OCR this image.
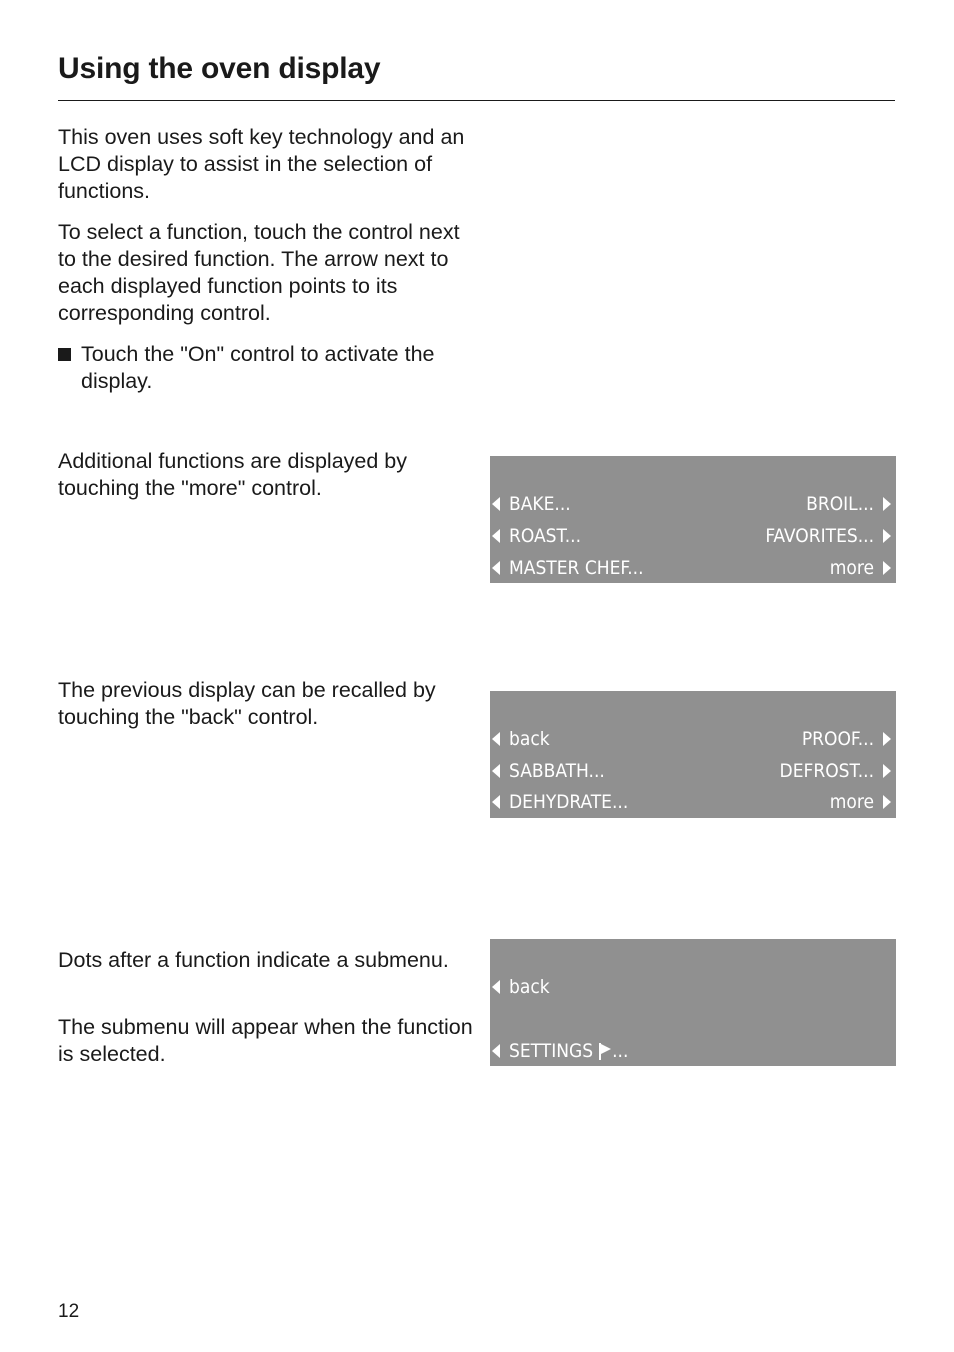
Using the oven display

This oven uses soft key technology and an LCD display to assist in the selection of functions.

To select a function, touch the control next to the desired function. The arrow next to each displayed function points to its corresponding control.

Touch the "On" control to activate the display.

Additional functions are displayed by touching the "more" control.

BAKE...	BROIL...
ROAST...	FAVORITES...
MASTER CHEF...	more

The previous display can be recalled by touching the "back" control.

back	PROOF...
SABBATH...	DEFROST...
DEHYDRATE...	more

Dots after a function indicate a submenu.

The submenu will appear when the function is selected.

back
SETTINGS ...
12
